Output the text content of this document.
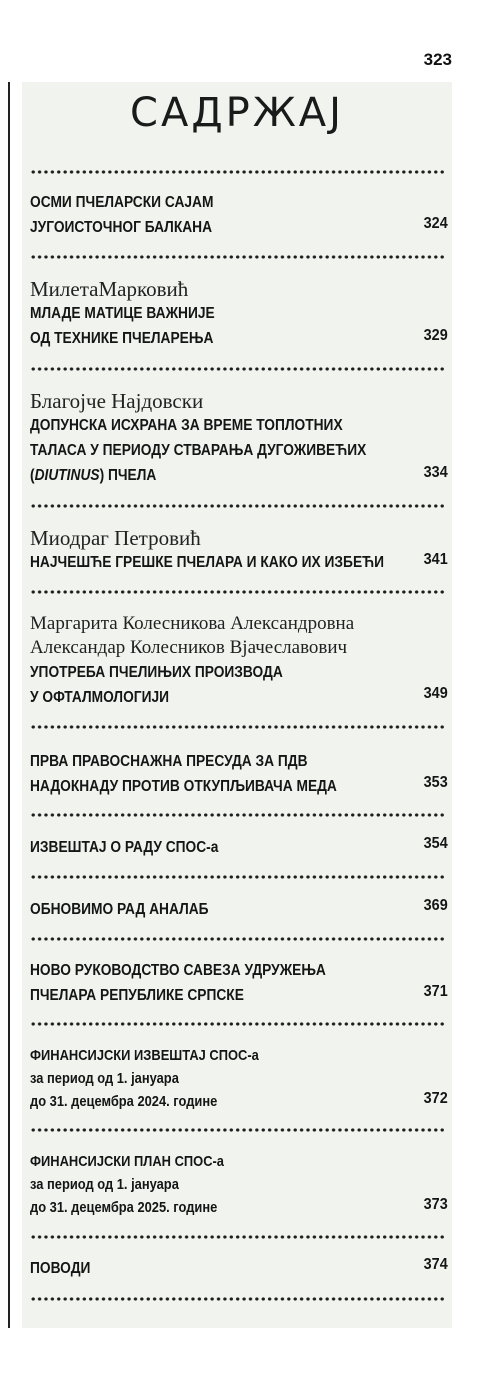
323
САДРЖАЈ
ОСМИ ПЧЕЛАРСКИ САЈАМ
ЈУГОИСТОЧНОГ БАЛКАНА	324
МилетаМарковић
МЛАДЕ МАТИЦЕ ВАЖНИЈЕ
ОД ТЕХНИКЕ ПЧЕЛАРЕЊА	329
Благојче Најдовски
ДОПУНСКА ИСХРАНА ЗА ВРЕМЕ ТОПЛОТНИХ
ТАЛАСА У ПЕРИОДУ СТВАРАЊА ДУГОЖИВЕЋИХ
(DIUTINUS) ПЧЕЛА	334
Миодраг Петровић
НАЈЧЕШЋЕ ГРЕШКЕ ПЧЕЛАРА И КАКО ИХ ИЗБЕЋИ	341
Маргарита Колесникова Александровна
Александар Колесников Вјачеславович
УПОТРЕБА ПЧЕЛИЊИХ ПРОИЗВОДА
У ОФТАЛМОЛОГИЈИ	349
ПРВА ПРАВОСНАЖНА ПРЕСУДА ЗА ПДВ
НАДОКНАДУ ПРОТИВ ОТКУПЉИВАЧА МЕДА	353
ИЗВЕШТАЈ О РАДУ СПОС-а	354
ОБНОВИМО РАД АНАЛАБ	369
НОВО РУКОВОДСТВО САВЕЗА УДРУЖЕЊА
ПЧЕЛАРА РЕПУБЛИКЕ СРПСКЕ	371
ФИНАНСИЈСКИ ИЗВЕШТАЈ СПОС-а
за период од 1. јануара
до 31. децембра 2024. године	372
ФИНАНСИЈСКИ ПЛАН СПОС-а
за период од 1. јануара
до 31. децембра 2025. године	373
ПОВОДИ	374
